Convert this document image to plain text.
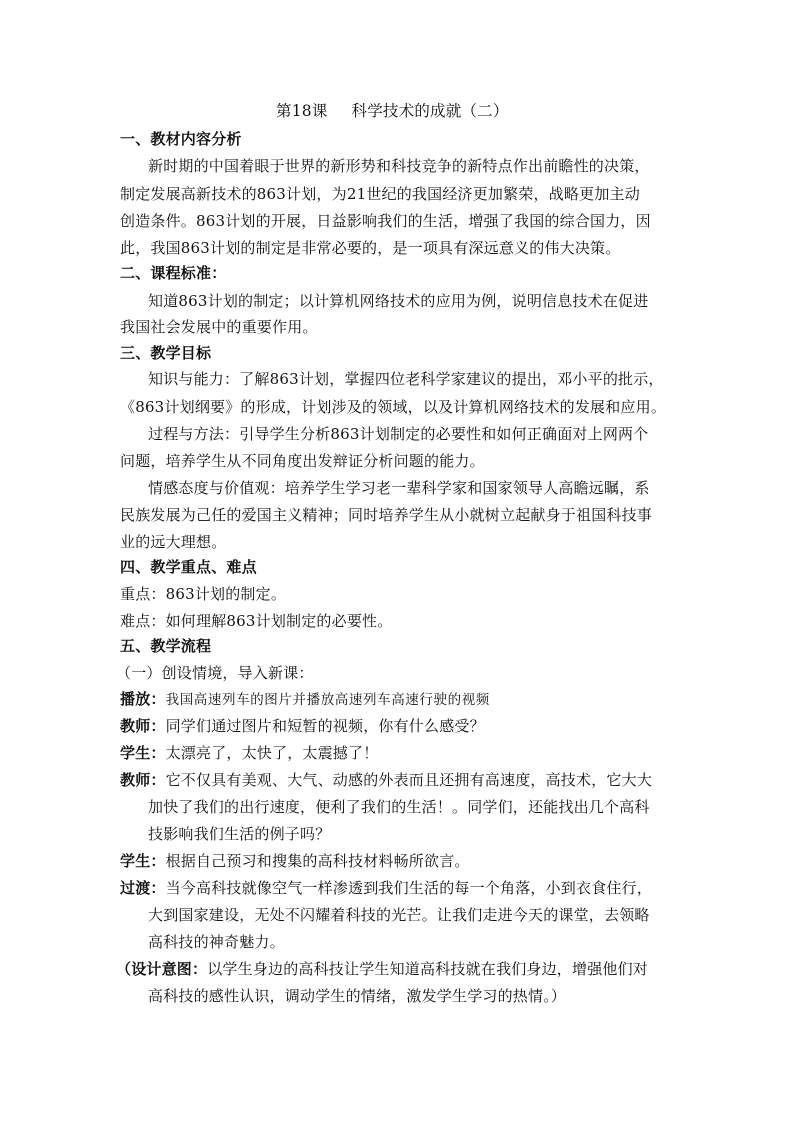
第18课 科学技术的成就（二）
一、教材内容分析
新时期的中国着眼于世界的新形势和科技竞争的新特点作出前瞻性的决策，
制定发展高新技术的863计划，为21世纪的我国经济更加繁荣，战略更加主动
创造条件。863计划的开展，日益影响我们的生活，增强了我国的综合国力，因
此，我国863计划的制定是非常必要的，是一项具有深远意义的伟大决策。
二、课程标准：
知道863计划的制定；以计算机网络技术的应用为例，说明信息技术在促进
我国社会发展中的重要作用。
三、教学目标
知识与能力：了解863计划，掌握四位老科学家建议的提出，邓小平的批示，
《863计划纲要》的形成，计划涉及的领域，以及计算机网络技术的发展和应用。
过程与方法：引导学生分析863计划制定的必要性和如何正确面对上网两个
问题，培养学生从不同角度出发辩证分析问题的能力。
情感态度与价值观：培养学生学习老一辈科学家和国家领导人高瞻远瞩，系
民族发展为己任的爱国主义精神；同时培养学生从小就树立起献身于祖国科技事
业的远大理想。
四、教学重点、难点
重点：863计划的制定。
难点：如何理解863计划制定的必要性。
五、教学流程
（一）创设情境，导入新课：
播放：我国高速列车的图片并播放高速列车高速行驶的视频
教师：同学们通过图片和短暂的视频，你有什么感受？
学生：太漂亮了，太快了，太震撼了！
教师：它不仅具有美观、大气、动感的外表而且还拥有高速度，高技术，它大大
加快了我们的出行速度，便利了我们的生活！。同学们，还能找出几个高科
技影响我们生活的例子吗？
学生：根据自己预习和搜集的高科技材料畅所欲言。
过渡：当今高科技就像空气一样渗透到我们生活的每一个角落，小到衣食住行，
大到国家建设，无处不闪耀着科技的光芒。让我们走进今天的课堂，去领略
高科技的神奇魅力。
（设计意图：以学生身边的高科技让学生知道高科技就在我们身边，增强他们对
高科技的感性认识，调动学生的情绪，激发学生学习的热情。）
